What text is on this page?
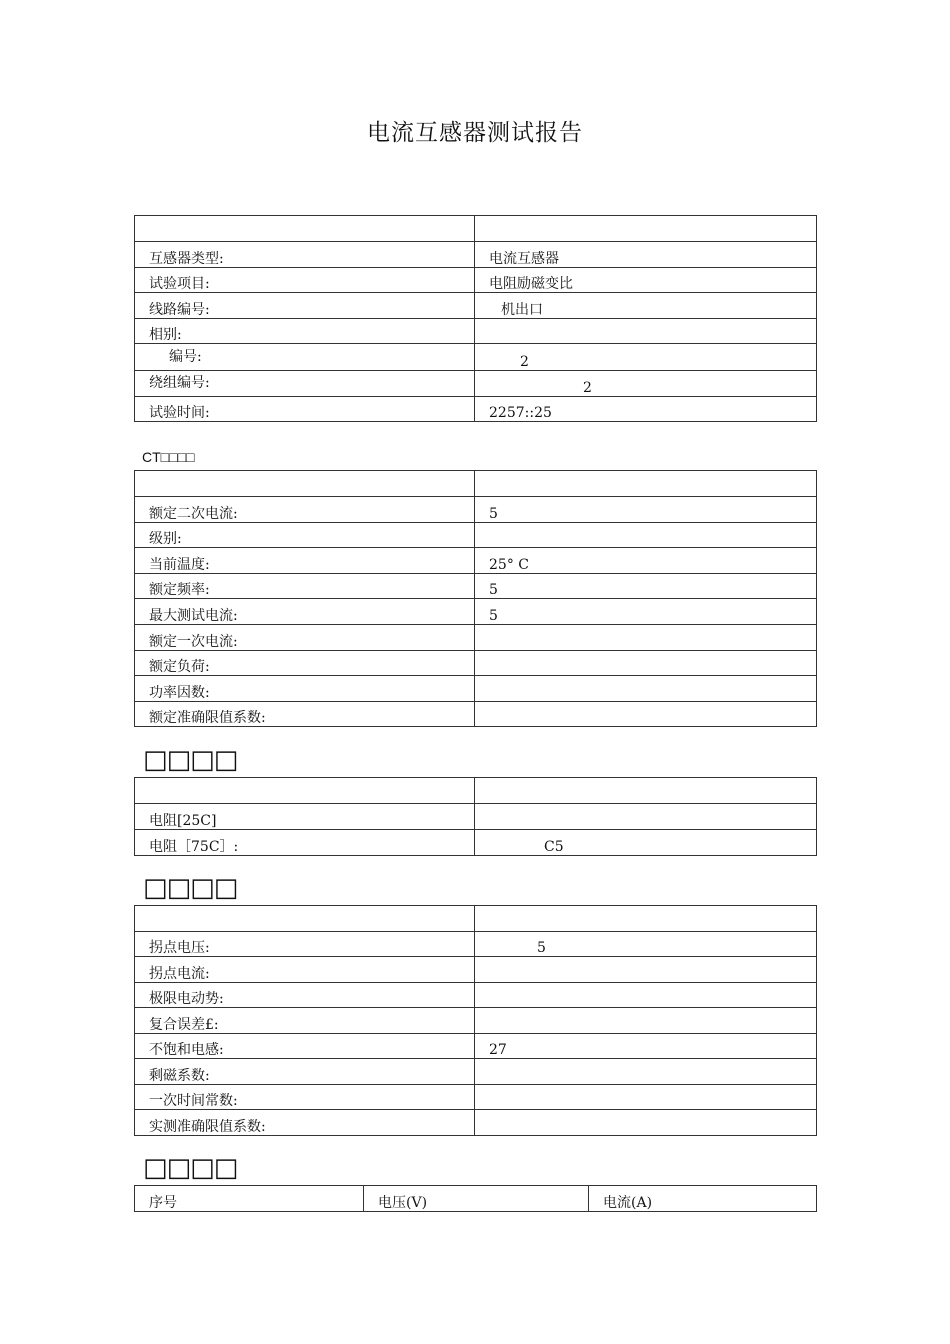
电流互感器测试报告

互感器类型:	电流互感器
试验项目:	电阻励磁变比
线路编号:	机出口
相别:	
编号:	2
绕组编号:	2
试验时间:	2257::25
CT□□□□

额定二次电流:	5
级别:	
当前温度:	25° C
额定频率:	5
最大测试电流:	5
额定一次电流:	
额定负荷:	
功率因数:	
额定准确限值系数:	
□□□□

电阻[25C]	
电阻［75C］:	C5
□□□□

拐点电压:	5
拐点电流:	
极限电动势:	
复合误差£:	
不饱和电感:	27
剩磁系数:	
一次时间常数:	
实测准确限值系数:	
□□□□
序号	电压(V)	电流(A)
